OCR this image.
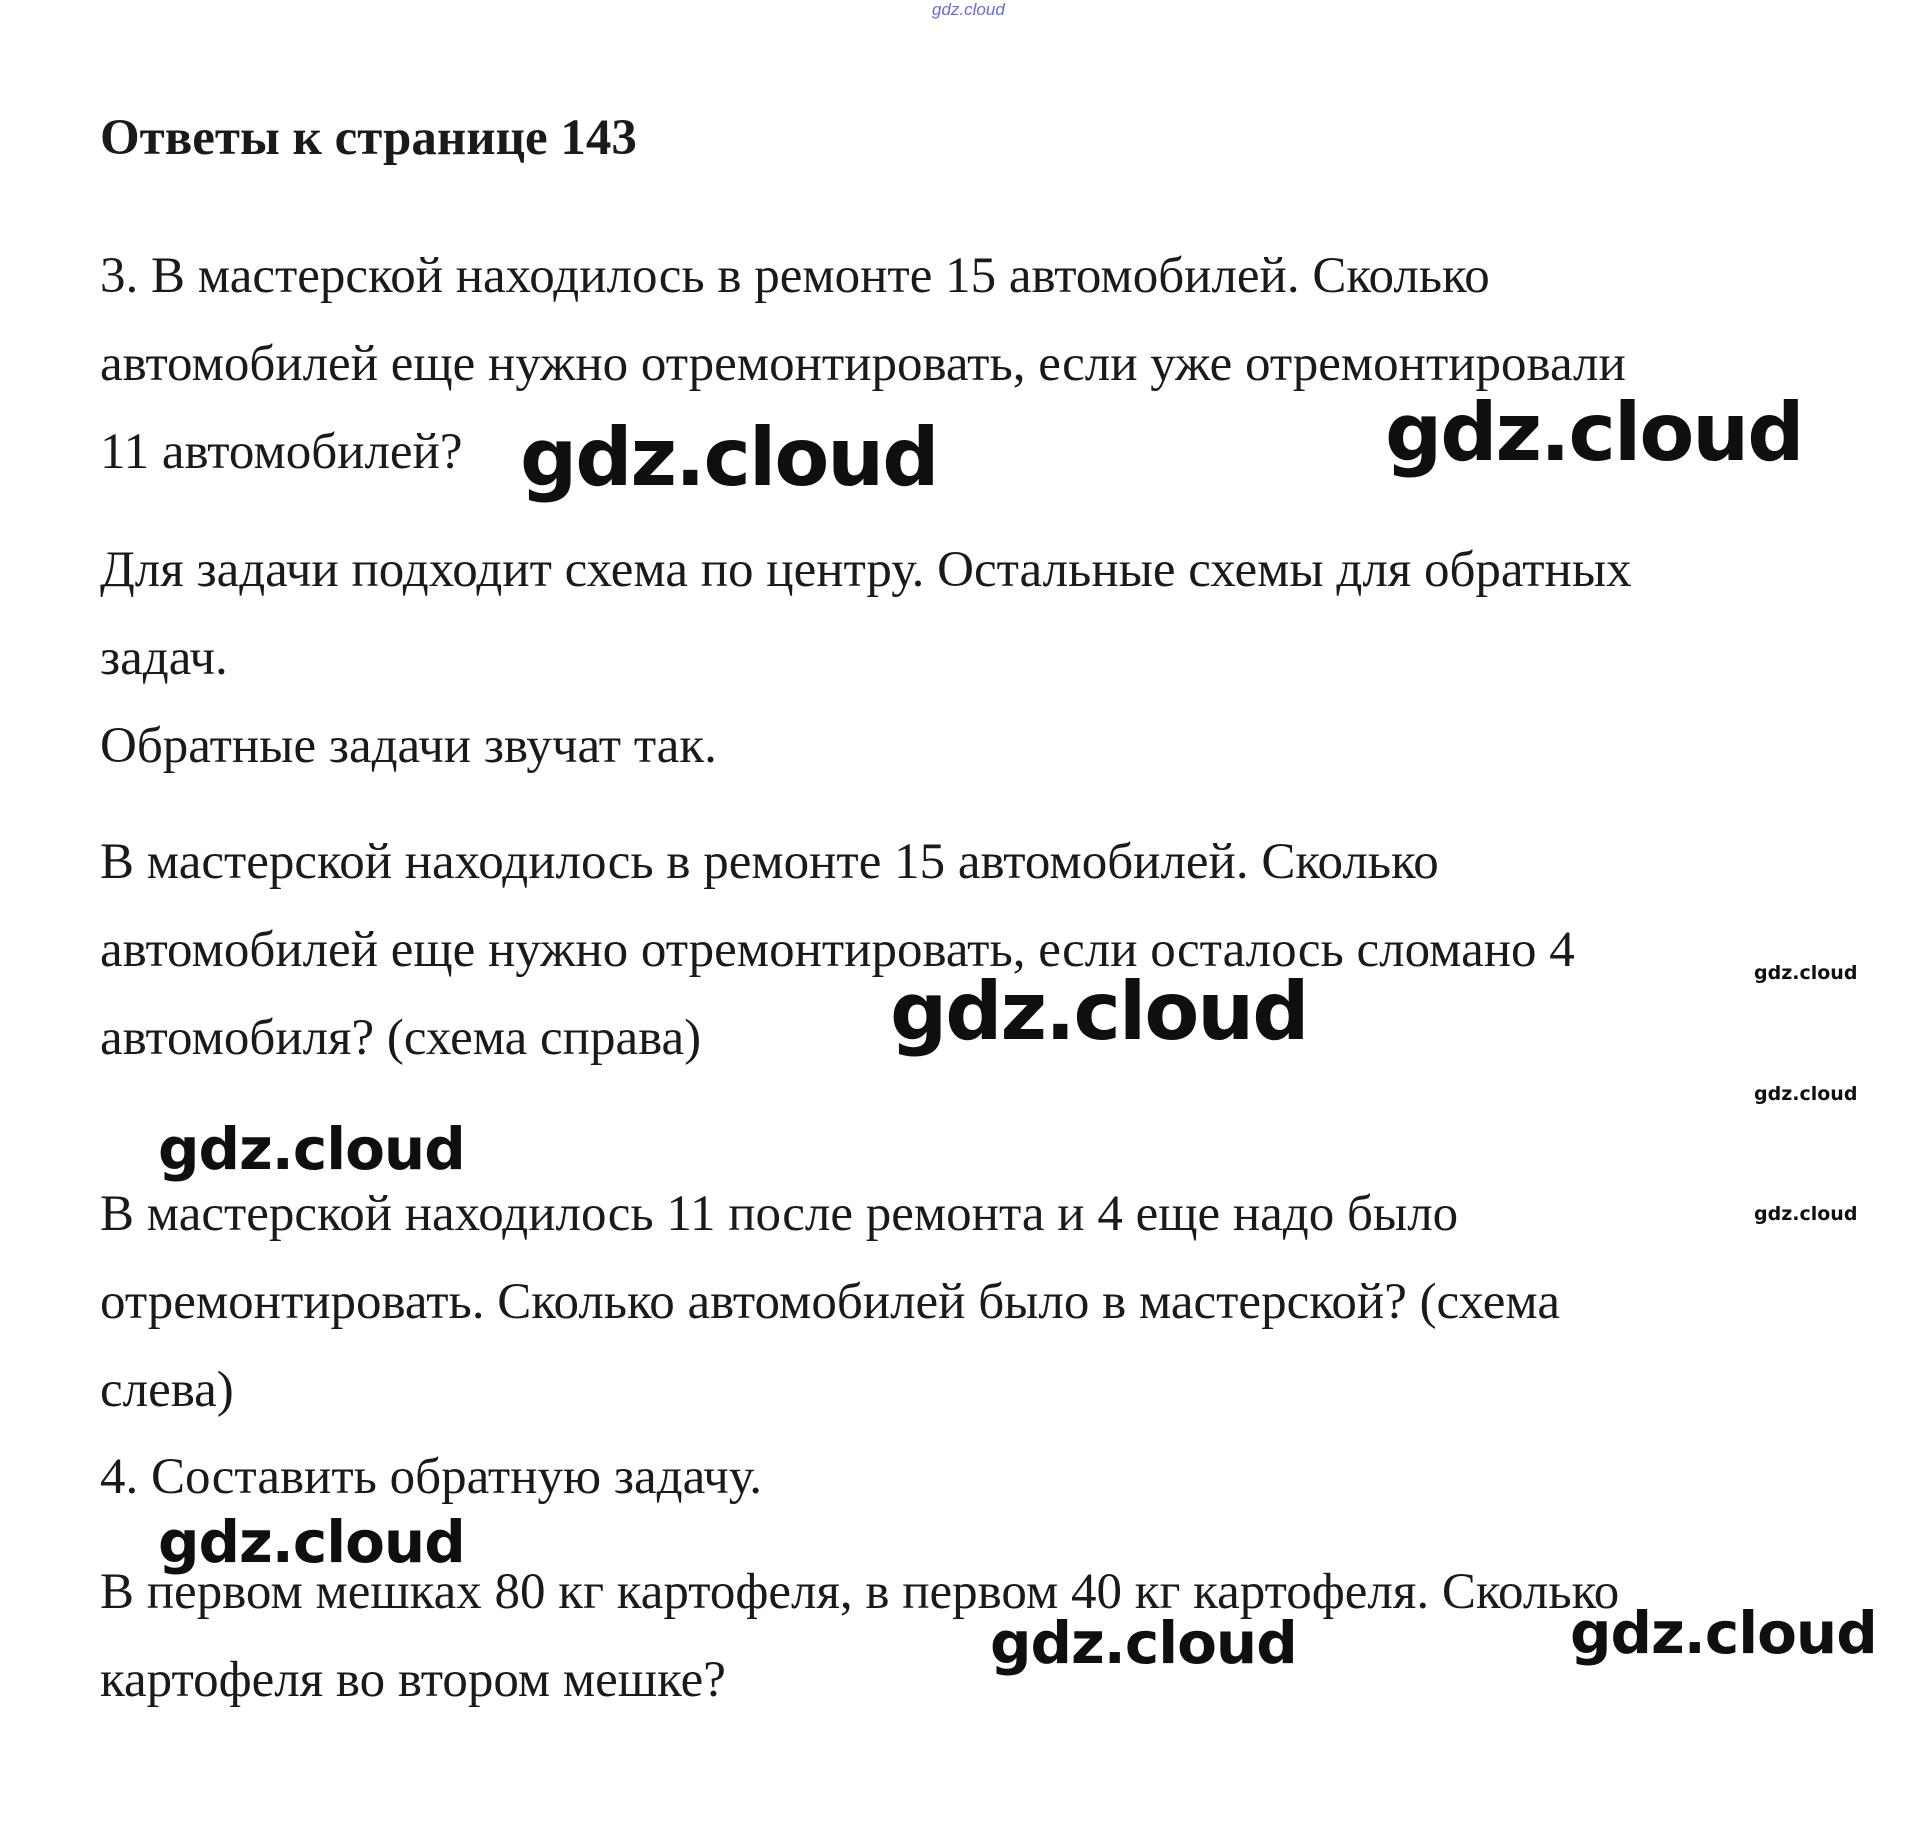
gdz.cloud
Ответы к странице 143
3. В мастерской находилось в ремонте 15 автомобилей. Сколько
автомобилей еще нужно отремонтировать, если уже отремонтировали
11 автомобилей?
Для задачи подходит схема по центру. Остальные схемы для обратных
задач.
Обратные задачи звучат так.
В мастерской находилось в ремонте 15 автомобилей. Сколько
автомобилей еще нужно отремонтировать, если осталось сломано 4
автомобиля? (схема справа)
В мастерской находилось 11 после ремонта и 4 еще надо было
отремонтировать. Сколько автомобилей было в мастерской? (схема
слева)
4. Составить обратную задачу.
В первом мешках 80 кг картофеля, в первом 40 кг картофеля. Сколько
картофеля во втором мешке?
gdz.cloud	gdz.cloud
gdz.cloud
gdz.cloud
gdz.cloud
gdz.cloud	gdz.cloud
gdz.cloud
gdz.cloud
gdz.cloud
